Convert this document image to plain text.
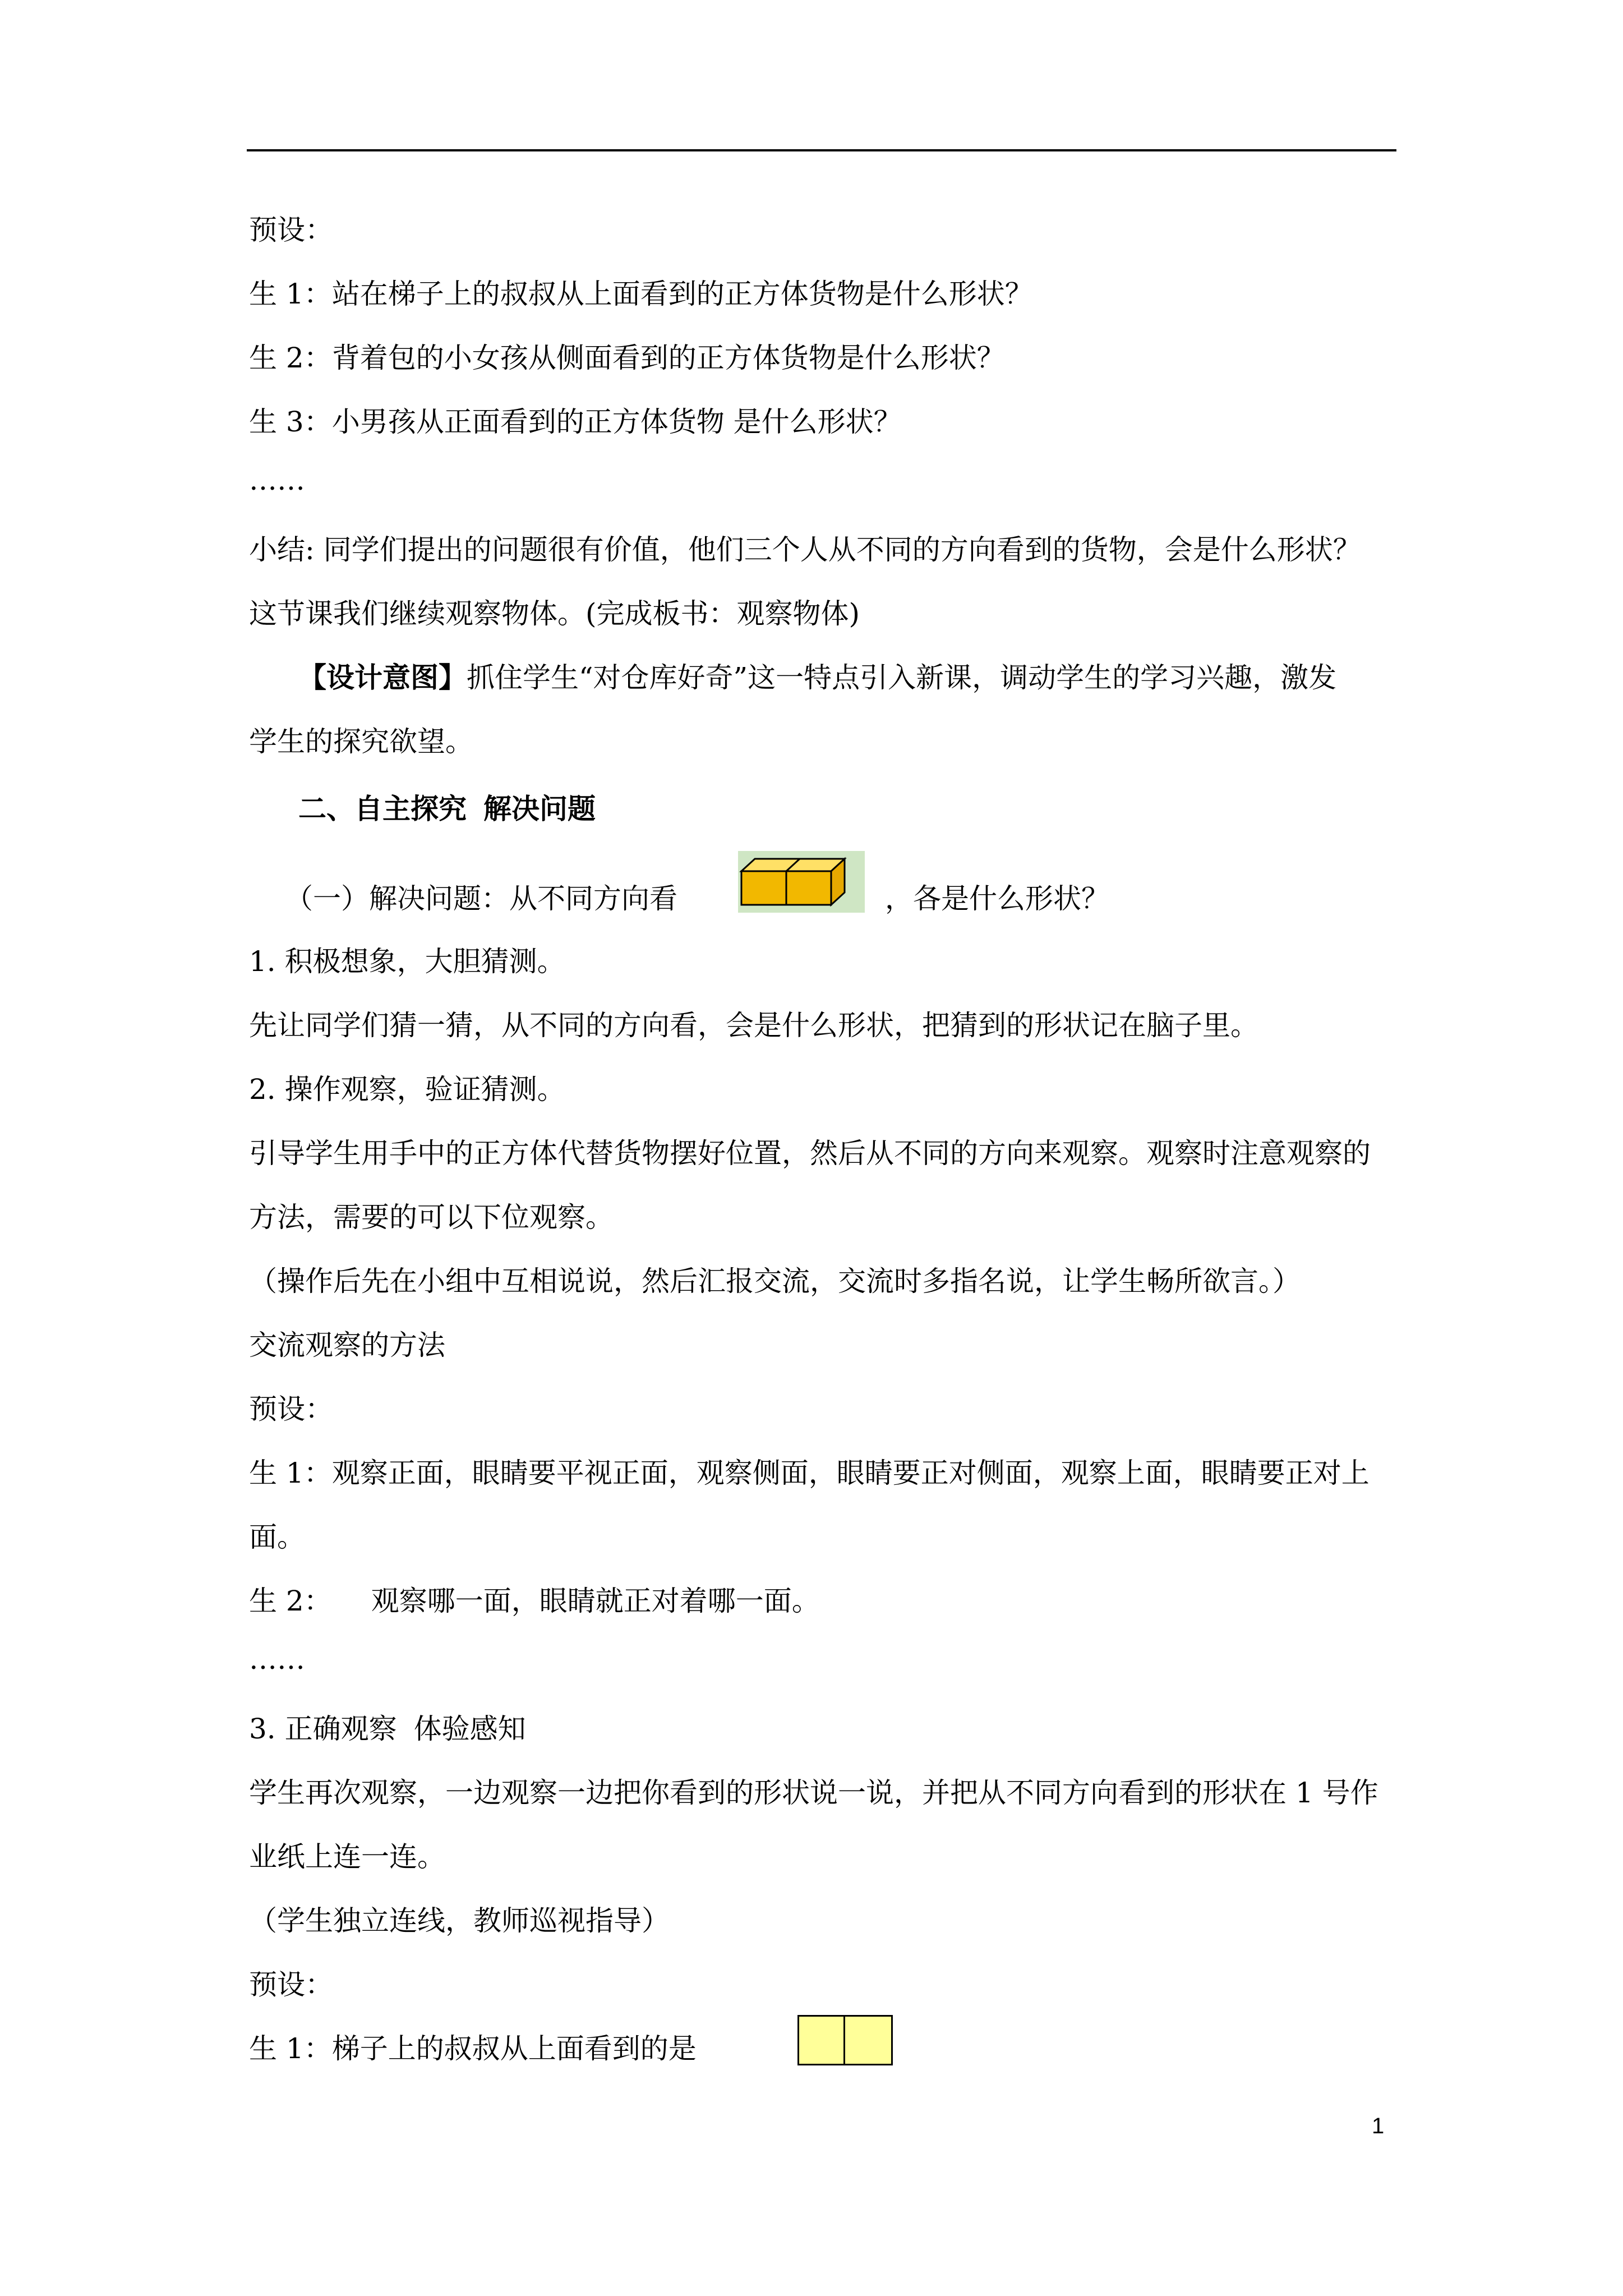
预设：
生 1：站在梯子上的叔叔从上面看到的正方体货物是什么形状？
生 2：背着包的小女孩从侧面看到的正方体货物是什么形状？
生 3：小男孩从正面看到的正方体货物 是什么形状？
……
小结: 同学们提出的问题很有价值，他们三个人从不同的方向看到的货物，会是什么形状？
这节课我们继续观察物体。(完成板书：观察物体)
【设计意图】抓住学生“对仓库好奇”这一特点引入新课，调动学生的学习兴趣，激发
学生的探究欲望。
二、自主探究 解决问题
（一）解决问题：从不同方向看	，各是什么形状？
1. 积极想象，大胆猜测。
先让同学们猜一猜，从不同的方向看，会是什么形状，把猜到的形状记在脑子里。
2. 操作观察，验证猜测。
引导学生用手中的正方体代替货物摆好位置，然后从不同的方向来观察。观察时注意观察的
方法，需要的可以下位观察。
（操作后先在小组中互相说说，然后汇报交流，交流时多指名说，让学生畅所欲言。）
交流观察的方法
预设：
生 1：观察正面，眼睛要平视正面，观察侧面，眼睛要正对侧面，观察上面，眼睛要正对上
面。
生 2： 观察哪一面，眼睛就正对着哪一面。
……
3. 正确观察 体验感知
学生再次观察，一边观察一边把你看到的形状说一说，并把从不同方向看到的形状在 1 号作
业纸上连一连。
（学生独立连线，教师巡视指导）
预设：
生 1：梯子上的叔叔从上面看到的是
1
